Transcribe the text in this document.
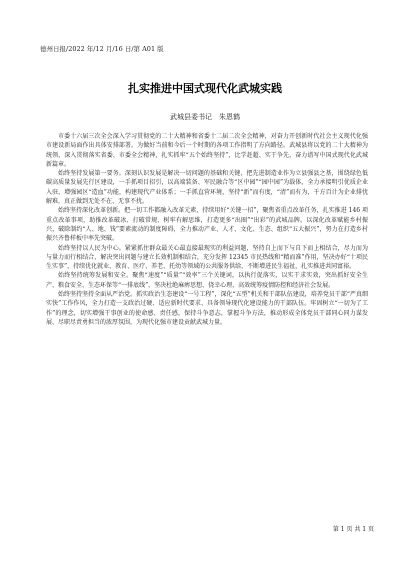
德州日报/2022 年/12 月/16 日/第 A01 版
扎实推进中国式现代化武城实践
武城县委书记　朱恩鹤

市委十六届三次全会深入学习贯彻党的二十大精神和省委十二届二次全会精神，对奋力开创新时代社会主义现代化强市建设新局面作出具体安排部署。为做好当前和今后一个时期的各项工作指明了方向路径。武城县将以党的二十大精神为统领，深入贯彻落实省委、市委全会精神，扎实抓牢“五个始终坚持”，比学赶超、实干争先，奋力谱写中国式现代化武城新篇章。

始终坚持发展第一要务。深刻认识发展是解决一切问题的基础和关键，把先进制造业作为立县强县之基，围绕绿色低碳高质量发展先行区建设，一手抓项目招引，以高端装备、军民融合等“区中园”“园中园”为载体，全力承接明引优质企业入驻，增强园区“造血”功能，构建现代产业体系；一手抓直营环境，坚持“新”而有度，“清”而有为，千方百计为企业排忧解难，真正做到无处不在、无事不扰。

始终坚持深化改革创新。把一切工作都融入改革元素，持续用好“关键一招”，聚焦省重点改革任务，扎实推进 146 项重点改革事项，助推改革破冰、打破常规、树牢有解思维，打造更多“出圈”“出彩”的武城品牌。以深化改革赋能乡村振兴，破除制约“人、地、钱”要素流动的制度障碍，全力推动产业、人才、文化、生态、组织“五大振兴”，努力在打造乡村振兴齐鲁样板中率先突破。

始终坚持以人民为中心。紧紧抓住群众最关心最直接最现实的利益问题，坚持自上而下与自下而上相结合，尽力而为与量力而行相结合，解决突出问题与建立长效机制相结合，充分发挥 12345 市民热线和“精而准”作用，坚决办好“十项民生实事”，持续优化就业、教育、医疗、养老、托幼等领域的公共服务供给，不断增进民生福祉，扎实推进共同富裕。

始终坚持统筹发展和安全。聚焦“速度”“质量”“效率”三个关键词，以执行促落实，以实干求实效，突出抓好安全生产、粮食安全、生态环保等“一排底线”，坚决杜绝麻痹思想、侥幸心理，高效统筹疫情防控和经济社会发展。

始终坚持坚持全面从严治党。抓实政治生态建设“一号工程”，深化“五型”机关和干部队伍建设，培养党员干部“严真细实快”工作作风，全力打造一支政治过硬、适应新时代要求、具备领导现代化建设能力的干部队伍。牢固树立“一切为了工作”的理念，切实增强干事创业的使命感、责任感，保持斗争意志，掌握斗争方法，推动形成全体党员干部同心同力谋发展、尽职尽责勇担当的浓厚氛围，为现代化强市建设贡献武城力量。

第 1 页 共 1 页
